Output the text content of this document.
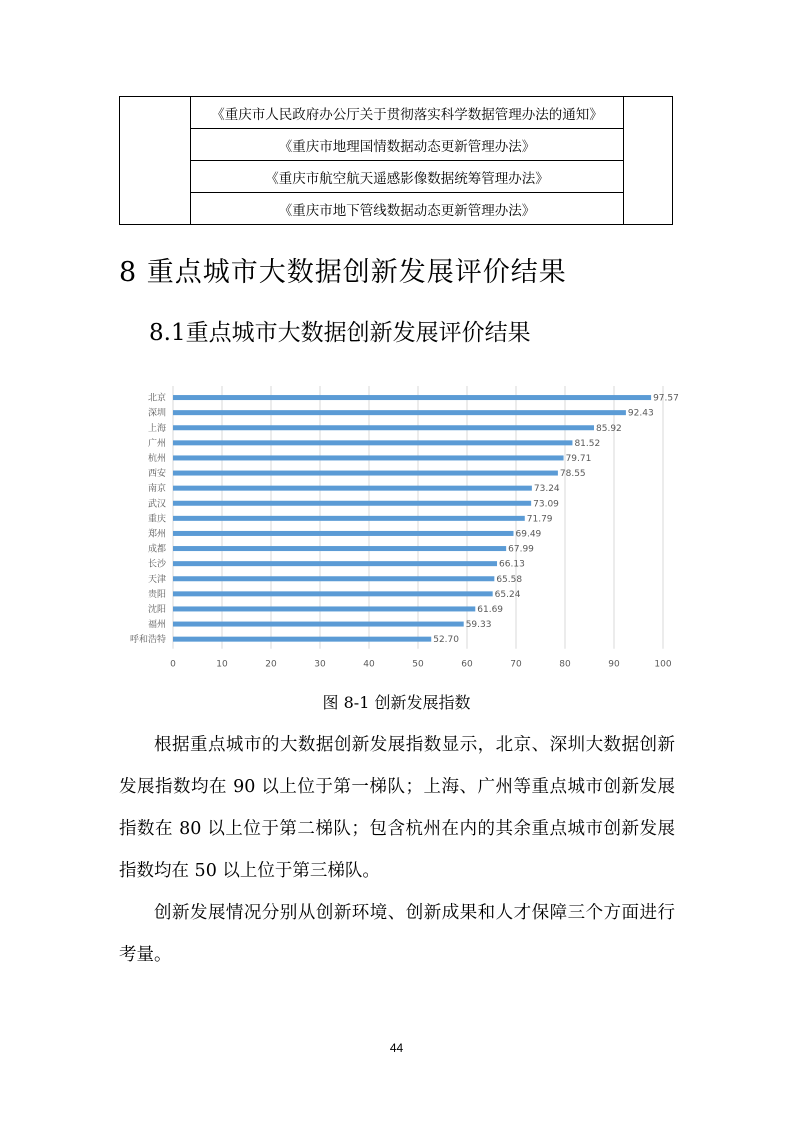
	《重庆市人民政府办公厅关于贯彻落实科学数据管理办法的通知》	
《重庆市地理国情数据动态更新管理办法》
《重庆市航空航天遥感影像数据统筹管理办法》
《重庆市地下管线数据动态更新管理办法》
8 重点城市大数据创新发展评价结果
8.1重点城市大数据创新发展评价结果
0	10	20	30	40	50	60	70	80	90	100
北京	97.57
深圳	92.43
上海	85.92
广州	81.52
杭州	79.71
西安	78.55
南京	73.24
武汉	73.09
重庆	71.79
郑州	69.49
成都	67.99
长沙	66.13
天津	65.58
贵阳	65.24
沈阳	61.69
福州	59.33
呼和浩特	52.70

图 8-1 创新发展指数

根据重点城市的大数据创新发展指数显示，北京、深圳大数据创新发展指数均在 90 以上位于第一梯队；上海、广州等重点城市创新发展指数在 80 以上位于第二梯队；包含杭州在内的其余重点城市创新发展指数均在 50 以上位于第三梯队。

创新发展情况分别从创新环境、创新成果和人才保障三个方面进行考量。

44
